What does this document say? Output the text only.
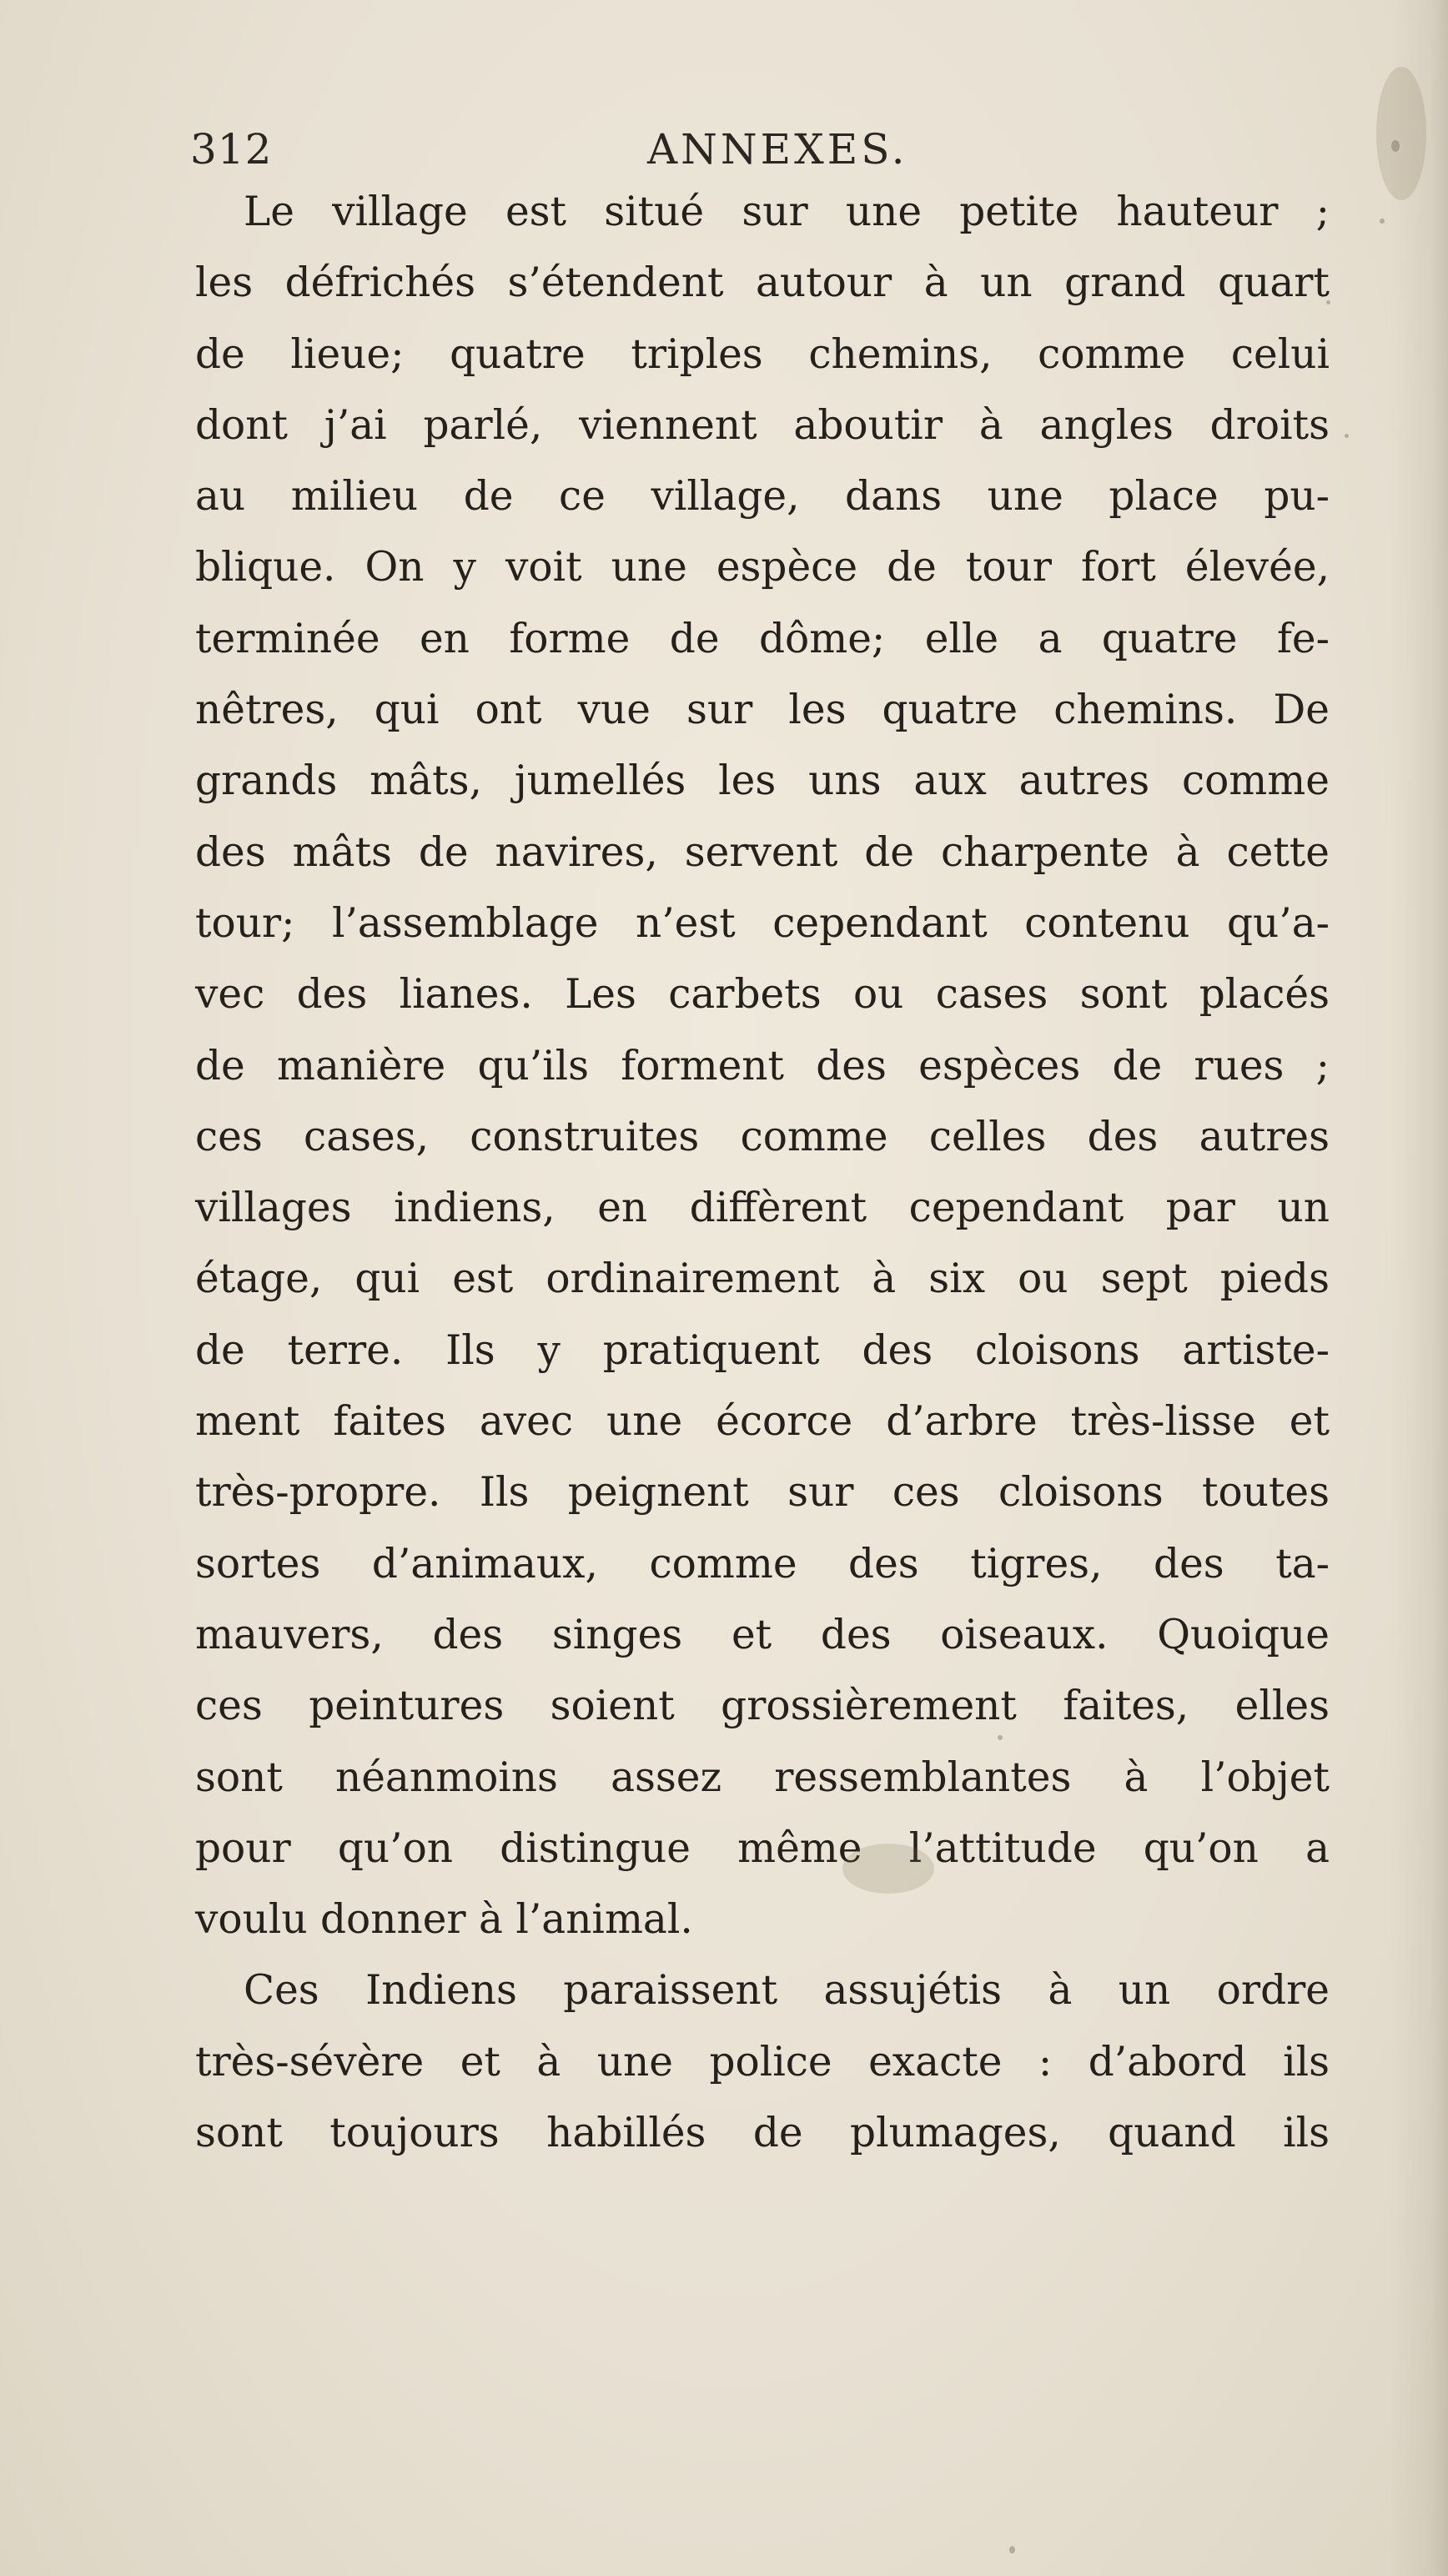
312	ANNEXES.
Le village est situé sur une petite hauteur ;
les défrichés s’étendent autour à un grand quart
de lieue; quatre triples chemins, comme celui
dont j’ai parlé, viennent aboutir à angles droits
au milieu de ce village, dans une place pu-
blique. On y voit une espèce de tour fort élevée,
terminée en forme de dôme; elle a quatre fe-
nêtres, qui ont vue sur les quatre chemins. De
grands mâts, jumellés les uns aux autres comme
des mâts de navires, servent de charpente à cette
tour; l’assemblage n’est cependant contenu qu’a-
vec des lianes. Les carbets ou cases sont placés
de manière qu’ils forment des espèces de rues ;
ces cases, construites comme celles des autres
villages indiens, en diffèrent cependant par un
étage, qui est ordinairement à six ou sept pieds
de terre. Ils y pratiquent des cloisons artiste-
ment faites avec une écorce d’arbre très-lisse et
très-propre. Ils peignent sur ces cloisons toutes
sortes d’animaux, comme des tigres, des ta-
mauvers, des singes et des oiseaux. Quoique
ces peintures soient grossièrement faites, elles
sont néanmoins assez ressemblantes à l’objet
pour qu’on distingue même l’attitude qu’on a
voulu donner à l’animal.
Ces Indiens paraissent assujétis à un ordre
très-sévère et à une police exacte : d’abord ils
sont toujours habillés de plumages, quand ils
